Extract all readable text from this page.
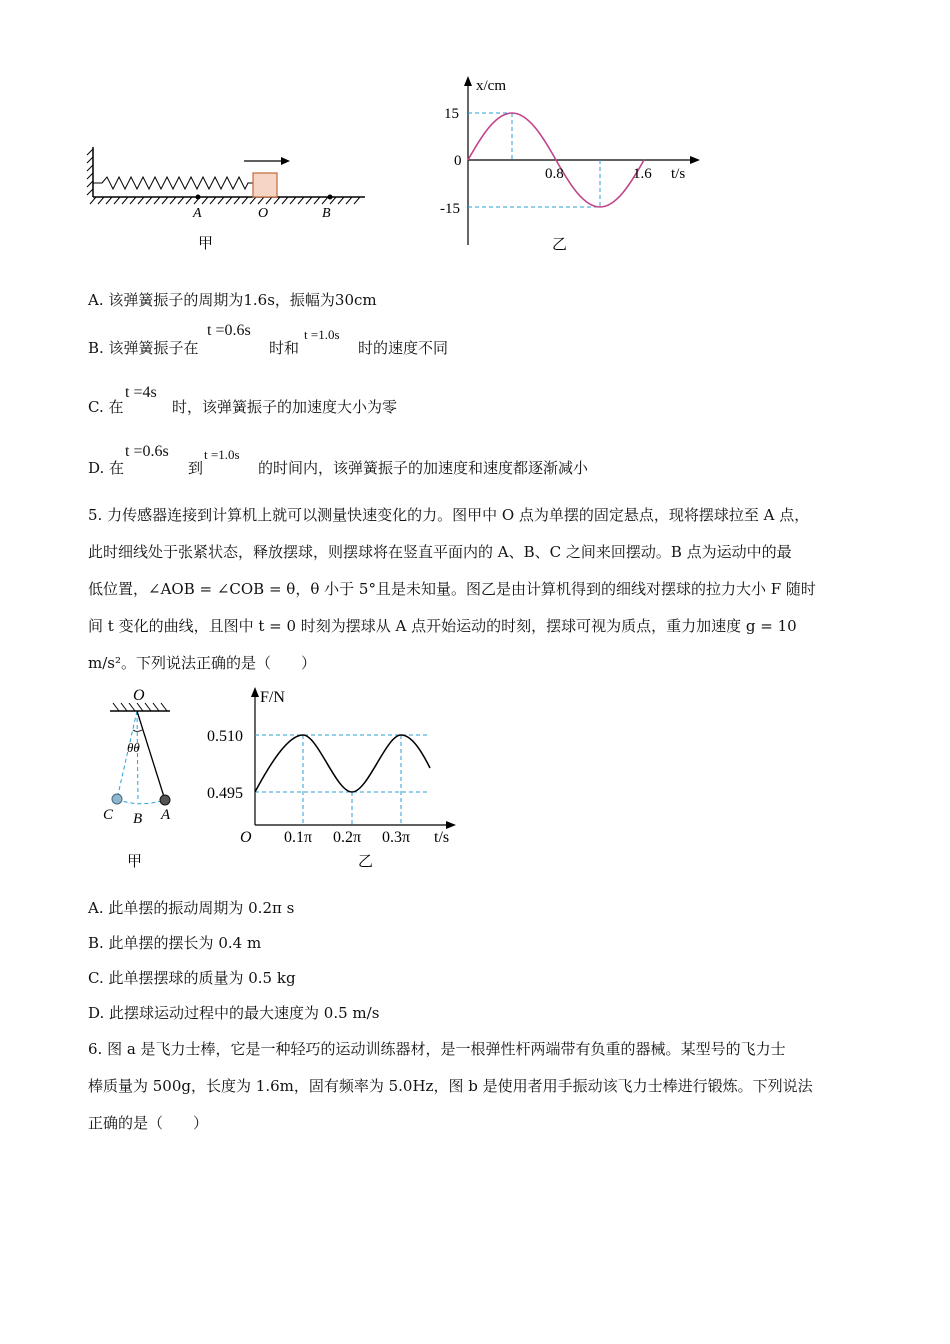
A	O	B
甲
x/cm
t/s
15
0
-15
0.8	1.6
乙
A. 该弹簧振子的周期为1.6s，振幅为30cm
B. 该弹簧振子在
t =0.6s
时和
t =1.0s
时的速度不同
C. 在
t =4s
时，该弹簧振子的加速度大小为零
D. 在
t =0.6s
到
t =1.0s
的时间内，该弹簧振子的加速度和速度都逐渐减小

5. 力传感器连接到计算机上就可以测量快速变化的力。图甲中 O 点为单摆的固定悬点，现将摆球拉至 A 点，

此时细线处于张紧状态，释放摆球，则摆球将在竖直平面内的 A、B、C 之间来回摆动。B 点为运动中的最

低位置，∠AOB = ∠COB = θ，θ 小于 5°且是未知量。图乙是由计算机得到的细线对摆球的拉力大小 F 随时

间 t 变化的曲线，且图中 t = 0 时刻为摆球从 A 点开始运动的时刻，摆球可视为质点，重力加速度 g = 10

m/s²。下列说法正确的是（　　）

O
θθ
C B A
甲
F/N
t/s
0.510
0.495
O 0.1π 0.2π 0.3π
乙
A. 此单摆的振动周期为 0.2π s
B. 此单摆的摆长为 0.4 m
C. 此单摆摆球的质量为 0.5 kg
D. 此摆球运动过程中的最大速度为 0.5 m/s

6. 图 a 是飞力士棒，它是一种轻巧的运动训练器材，是一根弹性杆两端带有负重的器械。某型号的飞力士

棒质量为 500g，长度为 1.6m，固有频率为 5.0Hz，图 b 是使用者用手振动该飞力士棒进行锻炼。下列说法

正确的是（　　）
